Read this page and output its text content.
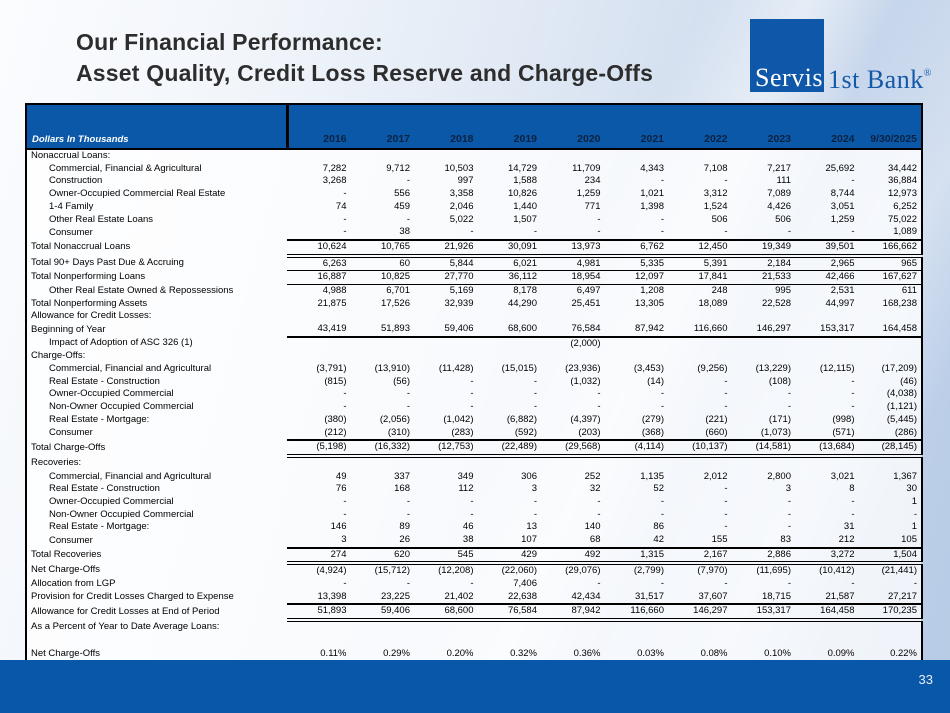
Our Financial Performance:
Asset Quality, Credit Loss Reserve and Charge-Offs	Servis 1st Bank®
Dollars In Thousands	2016	2017	2018	2019	2020	2021	2022	2023	2024	9/30/2025
Nonaccrual Loans:										
Commercial, Financial & Agricultural	7,282	9,712	10,503	14,729	11,709	4,343	7,108	7,217	25,692	34,442
Construction	3,268	-	997	1,588	234	-	-	111	-	36,884
Owner-Occupied Commercial Real Estate	-	556	3,358	10,826	1,259	1,021	3,312	7,089	8,744	12,973
1-4 Family	74	459	2,046	1,440	771	1,398	1,524	4,426	3,051	6,252
Other Real Estate Loans	-	-	5,022	1,507	-	-	506	506	1,259	75,022
Consumer	-	38	-	-	-	-	-	-	-	1,089
Total Nonaccrual Loans	10,624	10,765	21,926	30,091	13,973	6,762	12,450	19,349	39,501	166,662
Total 90+ Days Past Due & Accruing	6,263	60	5,844	6,021	4,981	5,335	5,391	2,184	2,965	965
Total Nonperforming Loans	16,887	10,825	27,770	36,112	18,954	12,097	17,841	21,533	42,466	167,627
Other Real Estate Owned & Repossessions	4,988	6,701	5,169	8,178	6,497	1,208	248	995	2,531	611
Total Nonperforming Assets	21,875	17,526	32,939	44,290	25,451	13,305	18,089	22,528	44,997	168,238
Allowance for Credit Losses:										
Beginning of Year	43,419	51,893	59,406	68,600	76,584	87,942	116,660	146,297	153,317	164,458
Impact of Adoption of ASC 326 (1)					(2,000)					
Charge-Offs:										
Commercial, Financial and Agricultural	(3,791)	(13,910)	(11,428)	(15,015)	(23,936)	(3,453)	(9,256)	(13,229)	(12,115)	(17,209)
Real Estate - Construction	(815)	(56)	-	-	(1,032)	(14)	-	(108)	-	(46)
Owner-Occupied Commercial	-	-	-	-	-	-	-	-	-	(4,038)
Non-Owner Occupied Commercial	-	-	-	-	-	-	-	-	-	(1,121)
Real Estate - Mortgage:	(380)	(2,056)	(1,042)	(6,882)	(4,397)	(279)	(221)	(171)	(998)	(5,445)
Consumer	(212)	(310)	(283)	(592)	(203)	(368)	(660)	(1,073)	(571)	(286)
Total Charge-Offs	(5,198)	(16,332)	(12,753)	(22,489)	(29,568)	(4,114)	(10,137)	(14,581)	(13,684)	(28,145)
Recoveries:										
Commercial, Financial and Agricultural	49	337	349	306	252	1,135	2,012	2,800	3,021	1,367
Real Estate - Construction	76	168	112	3	32	52	-	3	8	30
Owner-Occupied Commercial	-	-	-	-	-	-	-	-	-	1
Non-Owner Occupied Commercial	-	-	-	-	-	-	-	-	-	-
Real Estate - Mortgage:	146	89	46	13	140	86	-	-	31	1
Consumer	3	26	38	107	68	42	155	83	212	105
Total Recoveries	274	620	545	429	492	1,315	2,167	2,886	3,272	1,504
Net Charge-Offs	(4,924)	(15,712)	(12,208)	(22,060)	(29,076)	(2,799)	(7,970)	(11,695)	(10,412)	(21,441)
Allocation from LGP	-	-	-	7,406	-	-	-	-	-	-
Provision for Credit Losses Charged to Expense	13,398	23,225	21,402	22,638	42,434	31,517	37,607	18,715	21,587	27,217
Allowance for Credit Losses at End of Period	51,893	59,406	68,600	76,584	87,942	116,660	146,297	153,317	164,458	170,235
As a Percent of Year to Date Average Loans:										

Net Charge-Offs	0.11%	0.29%	0.20%	0.32%	0.36%	0.03%	0.08%	0.10%	0.09%	0.22%

33
